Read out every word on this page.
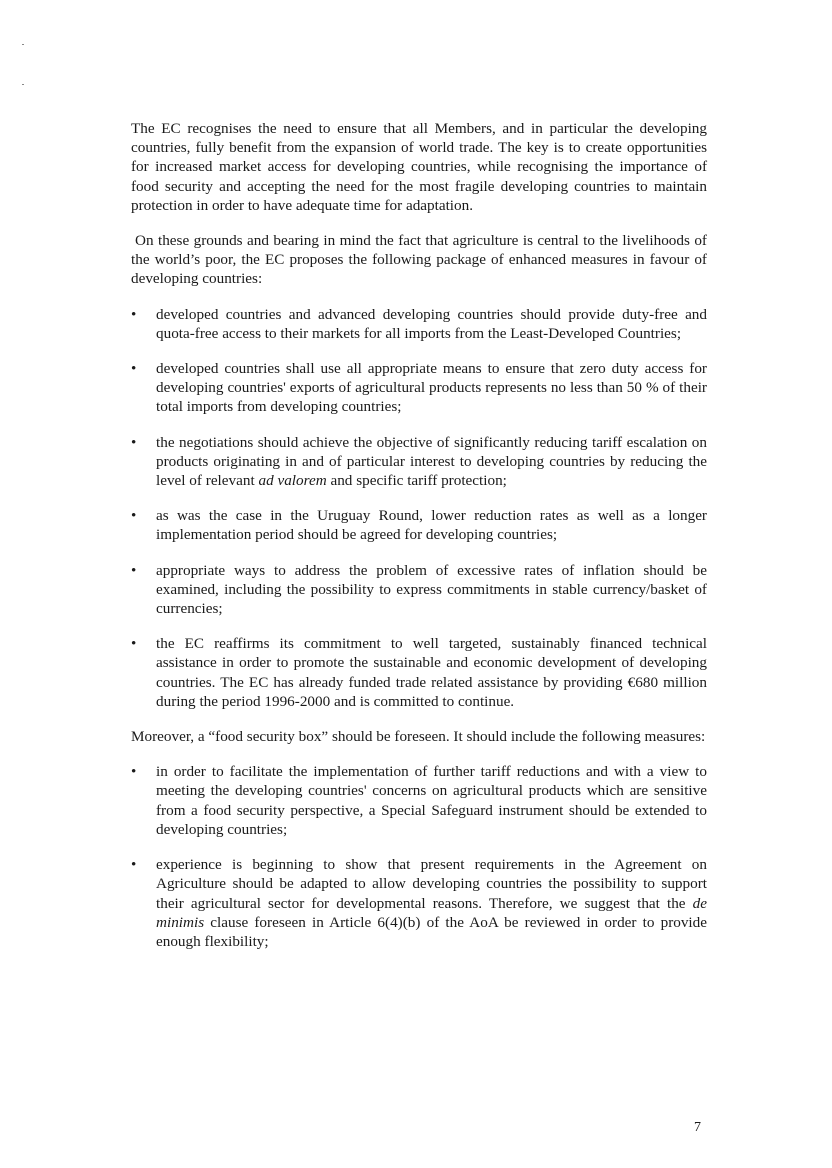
The EC recognises the need to ensure that all Members, and in particular the developing countries, fully benefit from the expansion of world trade. The key is to create opportunities for increased market access for developing countries, while recognising the importance of food security and accepting the need for the most fragile developing countries to maintain protection in order to have adequate time for adaptation.

On these grounds and bearing in mind the fact that agriculture is central to the livelihoods of the world’s poor, the EC proposes the following package of enhanced measures in favour of developing countries:

•
developed countries and advanced developing countries should provide duty-free and quota-free access to their markets for all imports from the Least-Developed Countries;
•
developed countries shall use all appropriate means to ensure that zero duty access for developing countries' exports of agricultural products represents no less than 50 % of their total imports from developing countries;
•
the negotiations should achieve the objective of significantly reducing tariff escalation on products originating in and of particular interest to developing countries by reducing the level of relevant ad valorem and specific tariff protection;
•
as was the case in the Uruguay Round, lower reduction rates as well as a longer implementation period should be agreed for developing countries;
•
appropriate ways to address the problem of excessive rates of inflation should be examined, including the possibility to express commitments in stable currency/basket of currencies;
•
the EC reaffirms its commitment to well targeted, sustainably financed technical assistance in order to promote the sustainable and economic development of developing countries. The EC has already funded trade related assistance by providing €680 million during the period 1996-2000 and is committed to continue.

Moreover, a “food security box” should be foreseen. It should include the following measures:

•
in order to facilitate the implementation of further tariff reductions and with a view to meeting the developing countries' concerns on agricultural products which are sensitive from a food security perspective, a Special Safeguard instrument should be extended to developing countries;
•
experience is beginning to show that present requirements in the Agreement on Agriculture should be adapted to allow developing countries the possibility to support their agricultural sector for developmental reasons. Therefore, we suggest that the de minimis clause foreseen in Article 6(4)(b) of the AoA be reviewed in order to provide enough flexibility;
7
